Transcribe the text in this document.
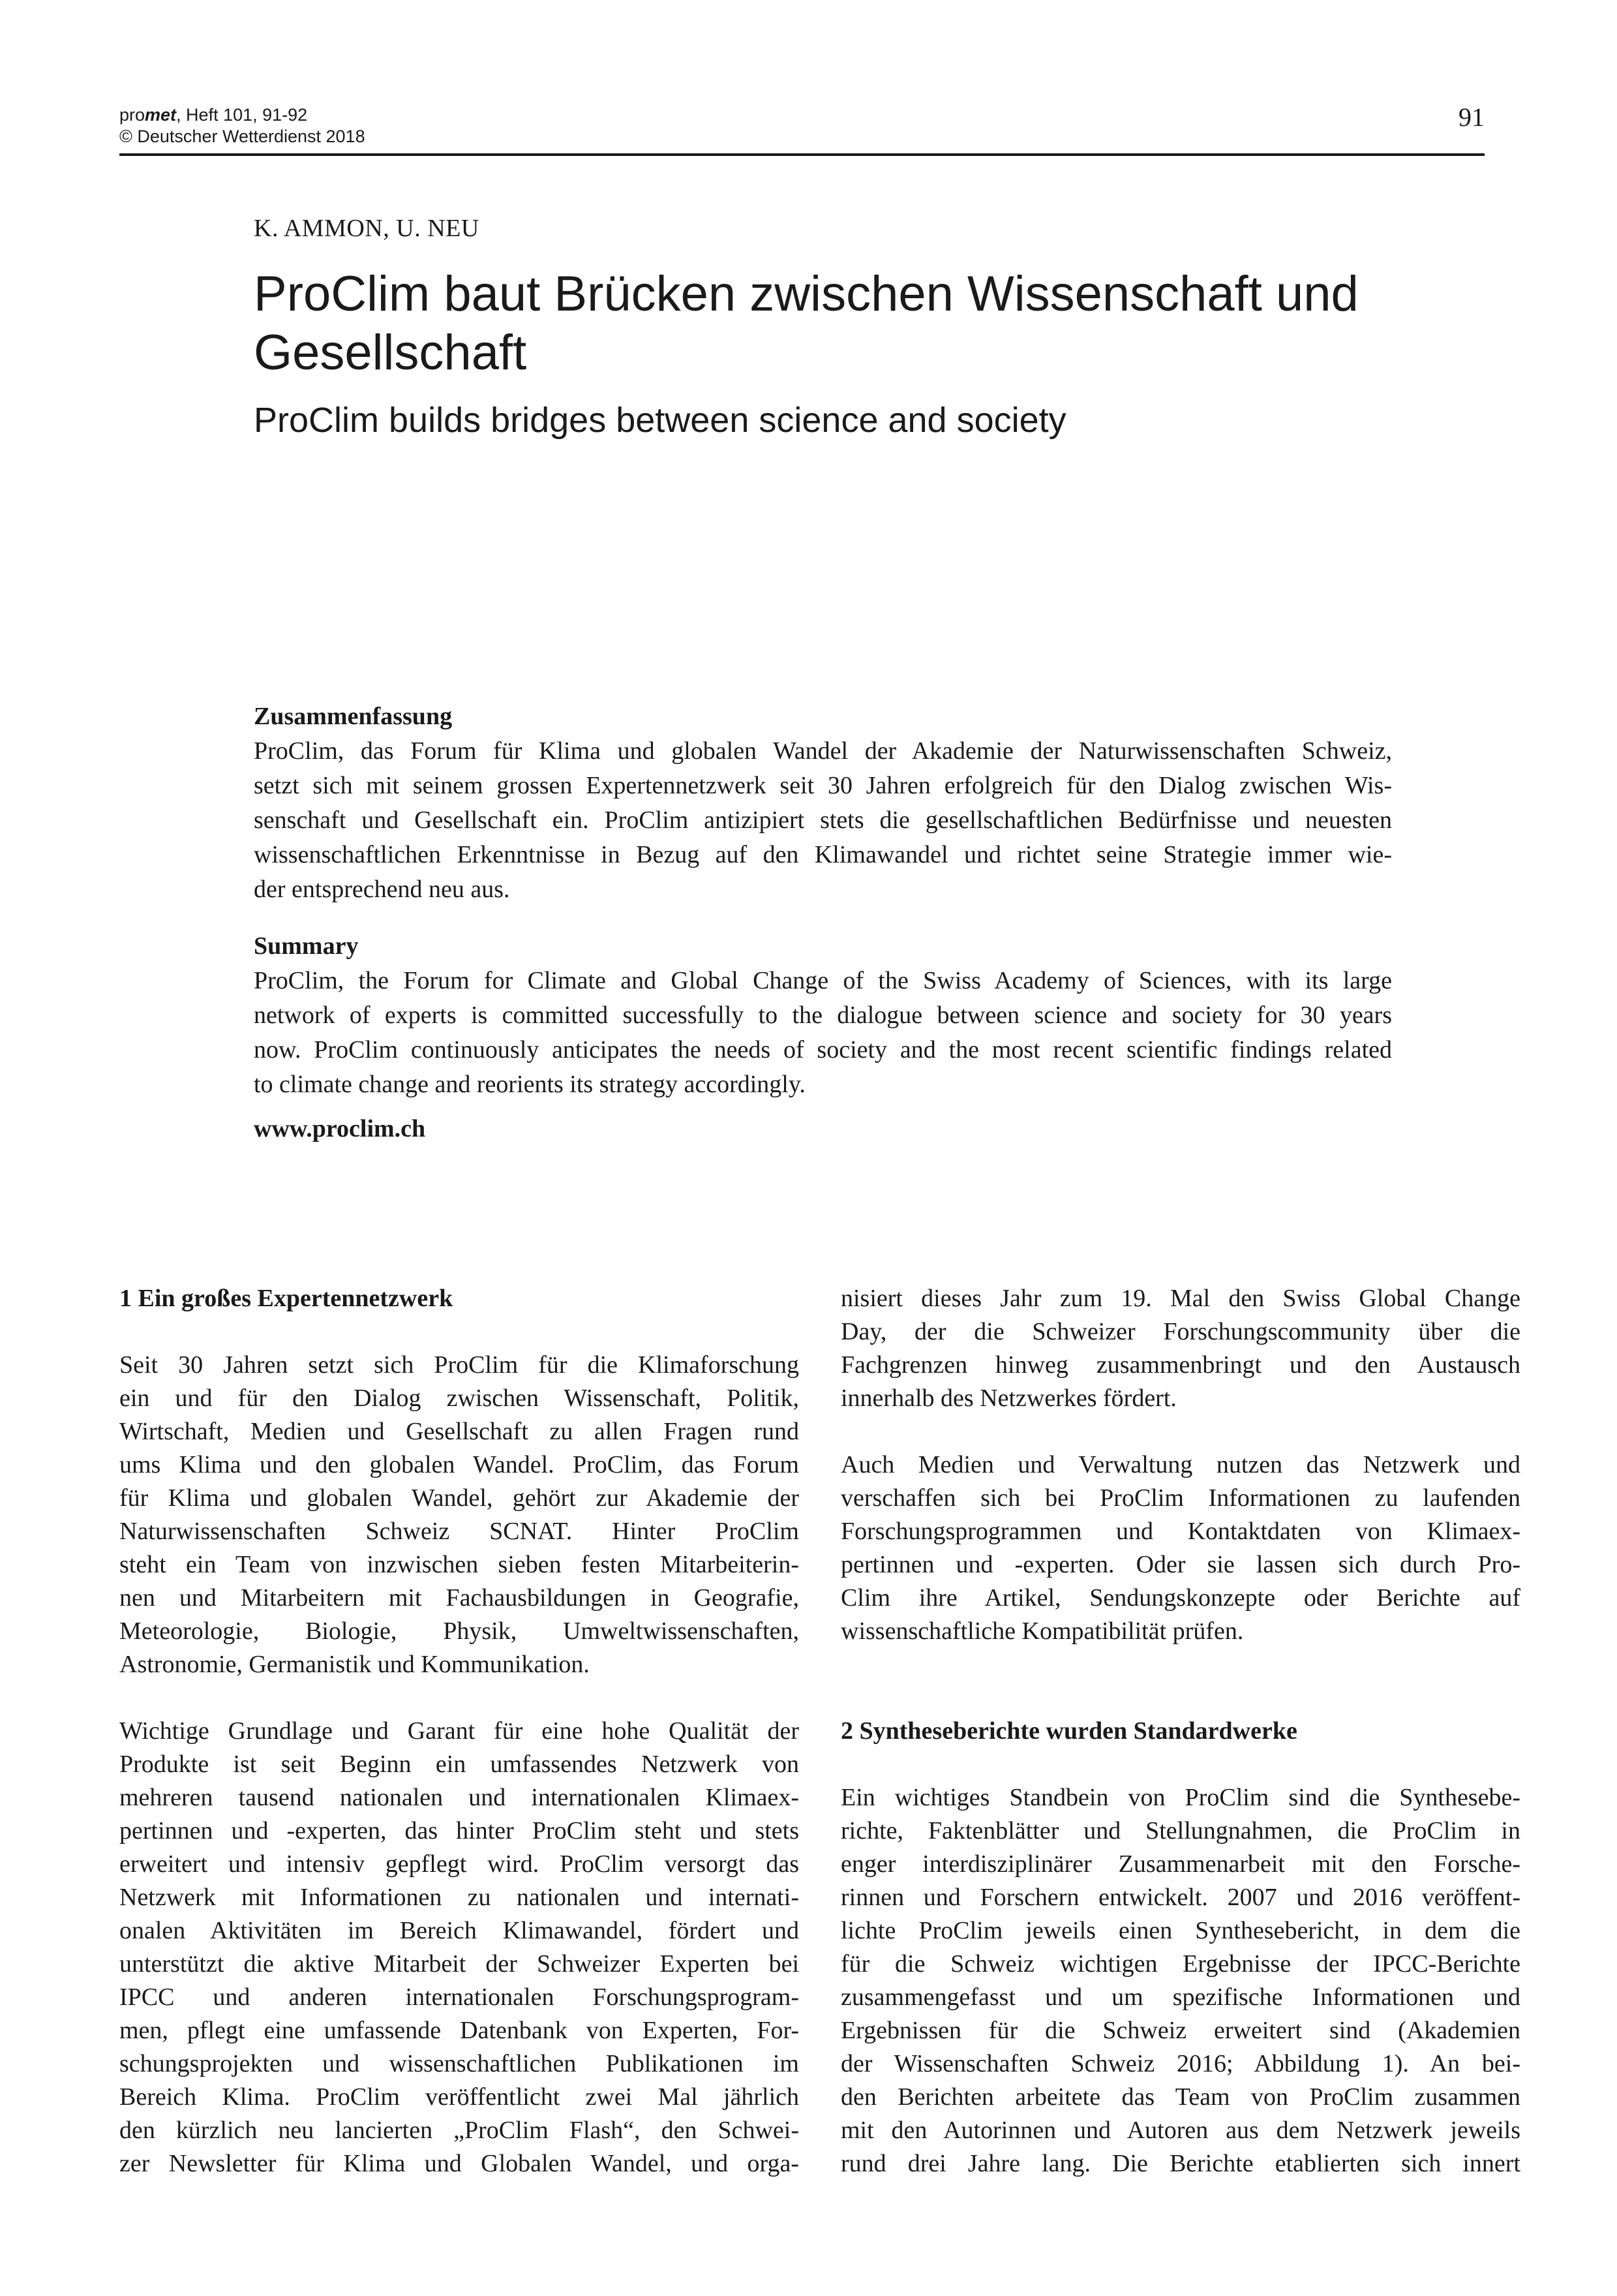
promet, Heft 101, 91-92
© Deutscher Wetterdienst 2018
91
K. AMMON, U. NEU
ProClim baut Brücken zwischen Wissenschaft und
Gesellschaft
ProClim builds bridges between science and society
Zusammenfassung
ProClim, das Forum für Klima und globalen Wandel der Akademie der Naturwissenschaften Schweiz,
setzt sich mit seinem grossen Expertennetzwerk seit 30 Jahren erfolgreich für den Dialog zwischen Wis-
senschaft und Gesellschaft ein. ProClim antizipiert stets die gesellschaftlichen Bedürfnisse und neuesten
wissenschaftlichen Erkenntnisse in Bezug auf den Klimawandel und richtet seine Strategie immer wie-
der entsprechend neu aus.
Summary
ProClim, the Forum for Climate and Global Change of the Swiss Academy of Sciences, with its large
network of experts is committed successfully to the dialogue between science and society for 30 years
now. ProClim continuously anticipates the needs of society and the most recent scientific findings related
to climate change and reorients its strategy accordingly.
www.proclim.ch
1 Ein großes Expertennetzwerk
Seit 30 Jahren setzt sich ProClim für die Klimaforschung
ein und für den Dialog zwischen Wissenschaft, Politik,
Wirtschaft, Medien und Gesellschaft zu allen Fragen rund
ums Klima und den globalen Wandel. ProClim, das Forum
für Klima und globalen Wandel, gehört zur Akademie der
Naturwissenschaften Schweiz SCNAT. Hinter ProClim
steht ein Team von inzwischen sieben festen Mitarbeiterin-
nen und Mitarbeitern mit Fachausbildungen in Geografie,
Meteorologie, Biologie, Physik, Umweltwissenschaften,
Astronomie, Germanistik und Kommunikation.
Wichtige Grundlage und Garant für eine hohe Qualität der
Produkte ist seit Beginn ein umfassendes Netzwerk von
mehreren tausend nationalen und internationalen Klimaex-
pertinnen und -experten, das hinter ProClim steht und stets
erweitert und intensiv gepflegt wird. ProClim versorgt das
Netzwerk mit Informationen zu nationalen und internati-
onalen Aktivitäten im Bereich Klimawandel, fördert und
unterstützt die aktive Mitarbeit der Schweizer Experten bei
IPCC und anderen internationalen Forschungsprogram-
men, pflegt eine umfassende Datenbank von Experten, For-
schungsprojekten und wissenschaftlichen Publikationen im
Bereich Klima. ProClim veröffentlicht zwei Mal jährlich
den kürzlich neu lancierten „ProClim Flash“, den Schwei-
zer Newsletter für Klima und Globalen Wandel, und orga-
nisiert dieses Jahr zum 19. Mal den Swiss Global Change
Day, der die Schweizer Forschungscommunity über die
Fachgrenzen hinweg zusammenbringt und den Austausch
innerhalb des Netzwerkes fördert.
Auch Medien und Verwaltung nutzen das Netzwerk und
verschaffen sich bei ProClim Informationen zu laufenden
Forschungsprogrammen und Kontaktdaten von Klimaex-
pertinnen und -experten. Oder sie lassen sich durch Pro-
Clim ihre Artikel, Sendungskonzepte oder Berichte auf
wissenschaftliche Kompatibilität prüfen.
2 Syntheseberichte wurden Standardwerke
Ein wichtiges Standbein von ProClim sind die Synthesebe-
richte, Faktenblätter und Stellungnahmen, die ProClim in
enger interdisziplinärer Zusammenarbeit mit den Forsche-
rinnen und Forschern entwickelt. 2007 und 2016 veröffent-
lichte ProClim jeweils einen Synthesebericht, in dem die
für die Schweiz wichtigen Ergebnisse der IPCC-Berichte
zusammengefasst und um spezifische Informationen und
Ergebnissen für die Schweiz erweitert sind (Akademien
der Wissenschaften Schweiz 2016; Abbildung 1). An bei-
den Berichten arbeitete das Team von ProClim zusammen
mit den Autorinnen und Autoren aus dem Netzwerk jeweils
rund drei Jahre lang. Die Berichte etablierten sich innert
